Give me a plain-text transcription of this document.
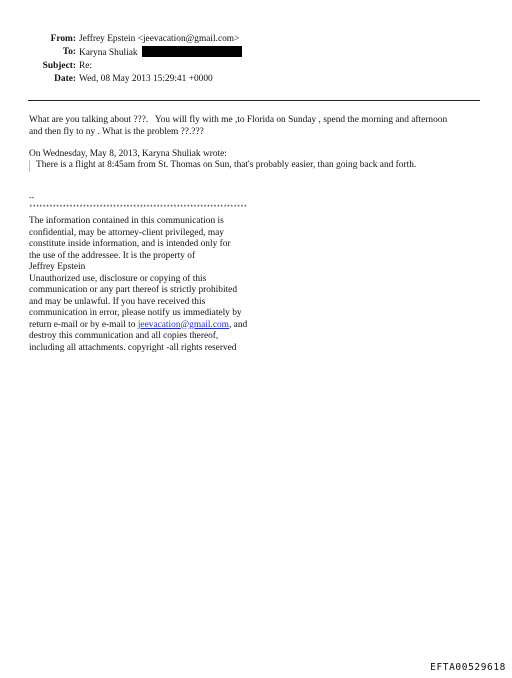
From: Jeffrey Epstein <jeevacation@gmail.com>
To: Karyna Shuliak
Subject: Re:
Date: Wed, 08 May 2013 15:29:41 +0000
What are you talking about ???.   You will fly with me ,to Florida on Sunday , spend the morning and afternoon
and then fly to ny . What is the problem ??.???
On Wednesday, May 8, 2013, Karyna Shuliak wrote:
There is a flight at 8:45am from St. Thomas on Sun, that's probably easier, than going back and forth.
--
*****************************************************************
The information contained in this communication is
confidential, may be attorney-client privileged, may
constitute inside information, and is intended only for
the use of the addressee. It is the property of
Jeffrey Epstein
Unauthorized use, disclosure or copying of this
communication or any part thereof is strictly prohibited
and may be unlawful. If you have received this
communication in error, please notify us immediately by
return e-mail or by e-mail to jeevacation@gmail.com, and
destroy this communication and all copies thereof,
including all attachments. copyright -all rights reserved
EFTA00529618
